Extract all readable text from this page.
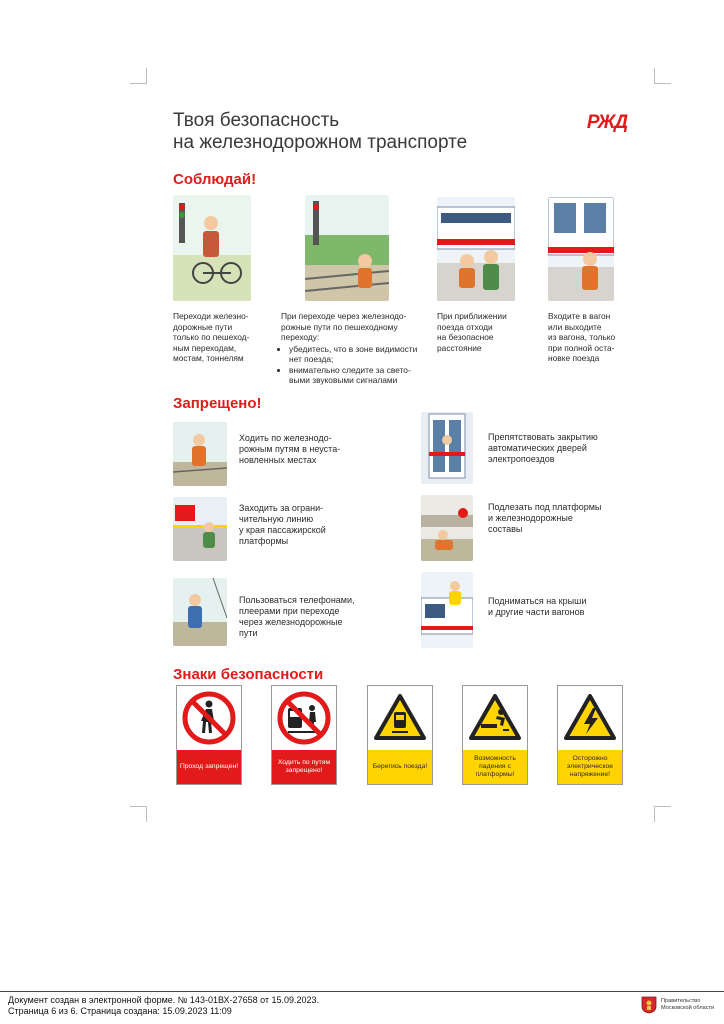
Твоя безопасность
на железнодорожном транспорте
РЖД
Соблюдай!
Переходи железно-
дорожные пути
только по пешеход-
ным переходам,
мостам, тоннелям
При переходе через железнодо-
рожные пути по пешеходному
переходу:
• убедитесь, что в зоне видимости нет поезда;
• внимательно следите за свето-выми звуковыми сигналами
При приближении
поезда отходи
на безопасное
расстояние
Входите в вагон
или выходите
из вагона, только
при полной оста-
новке поезда
Запрещено!
Ходить по железнодо-
рожным путям в неуста-
новленных местах
Препятствовать закрытию
автоматических дверей
электропоездов
Заходить за ограни-
чительную линию
у края пассажирской
платформы
Подлезать под платформы
и железнодорожные
составы
Пользоваться телефонами,
плеерами при переходе
через железнодорожные
пути
Подниматься на крыши
и другие части вагонов
Знаки безопасности
Проход запрещен!
Ходить по путям запрещено!
Берегись поезда!
Возможность падения с платформы!
Осторожно электрическое напряжение!
Документ создан в электронной форме. № 143-01ВХ-27658 от 15.09.2023.
Страница 6 из 6. Страница создана: 15.09.2023 11:09
Правительство
Московской области
